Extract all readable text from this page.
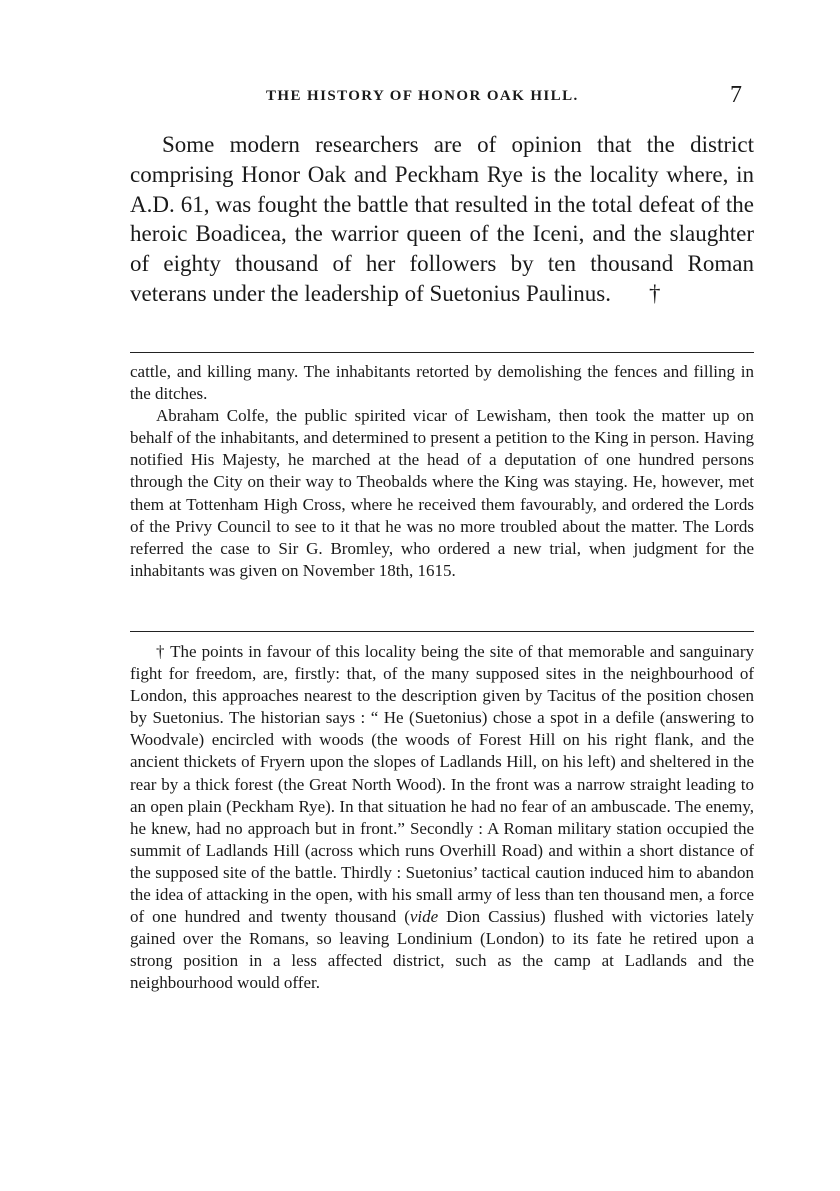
THE HISTORY OF HONOR OAK HILL.	7

Some modern researchers are of opinion that the district comprising Honor Oak and Peckham Rye is the locality where, in A.D. 61, was fought the battle that resulted in the total defeat of the heroic Boadicea, the warrior queen of the Iceni, and the slaughter of eighty thousand of her followers by ten thousand Roman veterans under the leadership of Suetonius Paulinus. †

cattle, and killing many. The inhabitants retorted by demolishing the fences and filling in the ditches.

Abraham Colfe, the public spirited vicar of Lewisham, then took the matter up on behalf of the inhabitants, and determined to present a petition to the King in person. Having notified His Majesty, he marched at the head of a deputation of one hundred persons through the City on their way to Theobalds where the King was staying. He, however, met them at Tottenham High Cross, where he received them favourably, and ordered the Lords of the Privy Council to see to it that he was no more troubled about the matter. The Lords referred the case to Sir G. Bromley, who ordered a new trial, when judgment for the inhabitants was given on November 18th, 1615.

† The points in favour of this locality being the site of that memorable and sanguinary fight for freedom, are, firstly: that, of the many supposed sites in the neighbourhood of London, this approaches nearest to the description given by Tacitus of the position chosen by Suetonius. The historian says : “ He (Suetonius) chose a spot in a defile (answering to Woodvale) encircled with woods (the woods of Forest Hill on his right flank, and the ancient thickets of Fryern upon the slopes of Ladlands Hill, on his left) and sheltered in the rear by a thick forest (the Great North Wood). In the front was a narrow straight leading to an open plain (Peckham Rye). In that situation he had no fear of an ambuscade. The enemy, he knew, had no approach but in front.” Secondly : A Roman military station occupied the summit of Ladlands Hill (across which runs Overhill Road) and within a short distance of the supposed site of the battle. Thirdly : Suetonius’ tactical caution induced him to abandon the idea of attacking in the open, with his small army of less than ten thousand men, a force of one hundred and twenty thousand (vide Dion Cassius) flushed with victories lately gained over the Romans, so leaving Londinium (London) to its fate he retired upon a strong position in a less affected district, such as the camp at Ladlands and the neighbourhood would offer.
